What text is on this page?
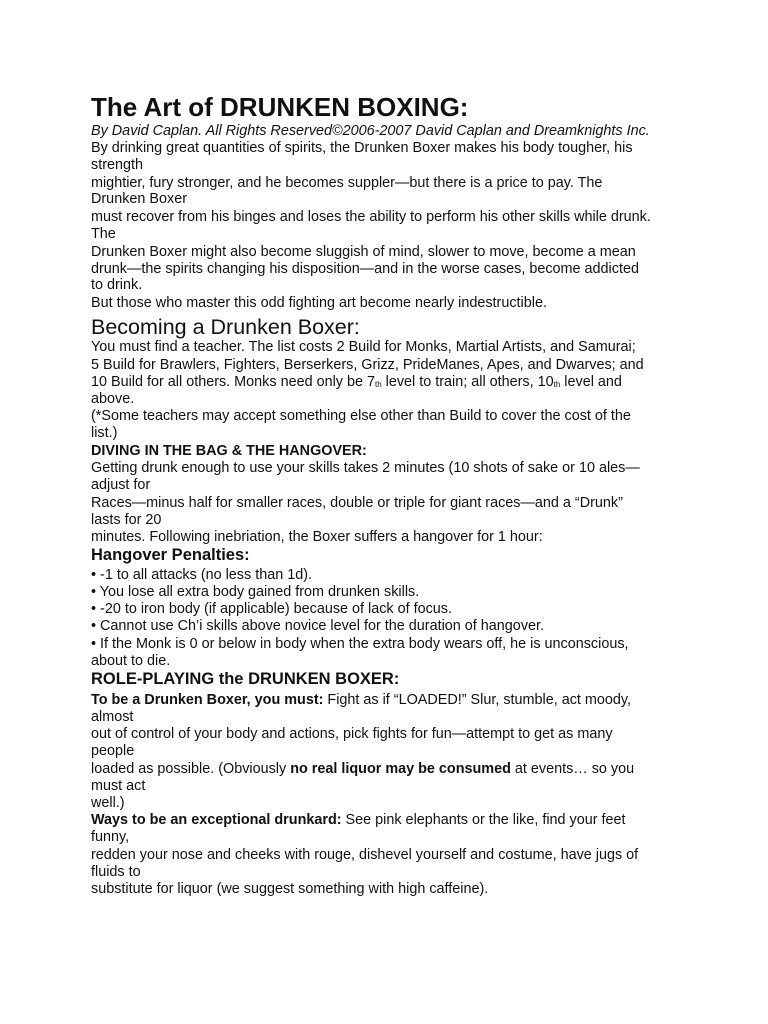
The Art of DRUNKEN BOXING:
By David Caplan. All Rights Reserved©2006-2007 David Caplan and Dreamknights Inc.
By drinking great quantities of spirits, the Drunken Boxer makes his body tougher, his
strength
mightier, fury stronger, and he becomes suppler—but there is a price to pay. The
Drunken Boxer
must recover from his binges and loses the ability to perform his other skills while drunk.
The
Drunken Boxer might also become sluggish of mind, slower to move, become a mean
drunk—the spirits changing his disposition—and in the worse cases, become addicted
to drink.
But those who master this odd fighting art become nearly indestructible.
Becoming a Drunken Boxer:
You must find a teacher. The list costs 2 Build for Monks, Martial Artists, and Samurai;
5 Build for Brawlers, Fighters, Berserkers, Grizz, PrideManes, Apes, and Dwarves; and
10 Build for all others. Monks need only be $7_{th}$ level to train; all others, $10_{th}$ level and
above.
(*Some teachers may accept something else other than Build to cover the cost of the
list.)
DIVING IN THE BAG & THE HANGOVER:
Getting drunk enough to use your skills takes 2 minutes (10 shots of sake or 10 ales—
adjust for
Races—minus half for smaller races, double or triple for giant races—and a “Drunk”
lasts for 20
minutes. Following inebriation, the Boxer suffers a hangover for 1 hour:
Hangover Penalties:
• -1 to all attacks (no less than 1d).
• You lose all extra body gained from drunken skills.
• -20 to iron body (if applicable) because of lack of focus.
• Cannot use Ch’i skills above novice level for the duration of hangover.
• If the Monk is 0 or below in body when the extra body wears off, he is unconscious,
about to die.
ROLE-PLAYING the DRUNKEN BOXER:
To be a Drunken Boxer, you must: Fight as if “LOADED!” Slur, stumble, act moody,
almost
out of control of your body and actions, pick fights for fun—attempt to get as many
people
loaded as possible. (Obviously no real liquor may be consumed at events… so you
must act
well.)
Ways to be an exceptional drunkard: See pink elephants or the like, find your feet
funny,
redden your nose and cheeks with rouge, dishevel yourself and costume, have jugs of
fluids to
substitute for liquor (we suggest something with high caffeine).
